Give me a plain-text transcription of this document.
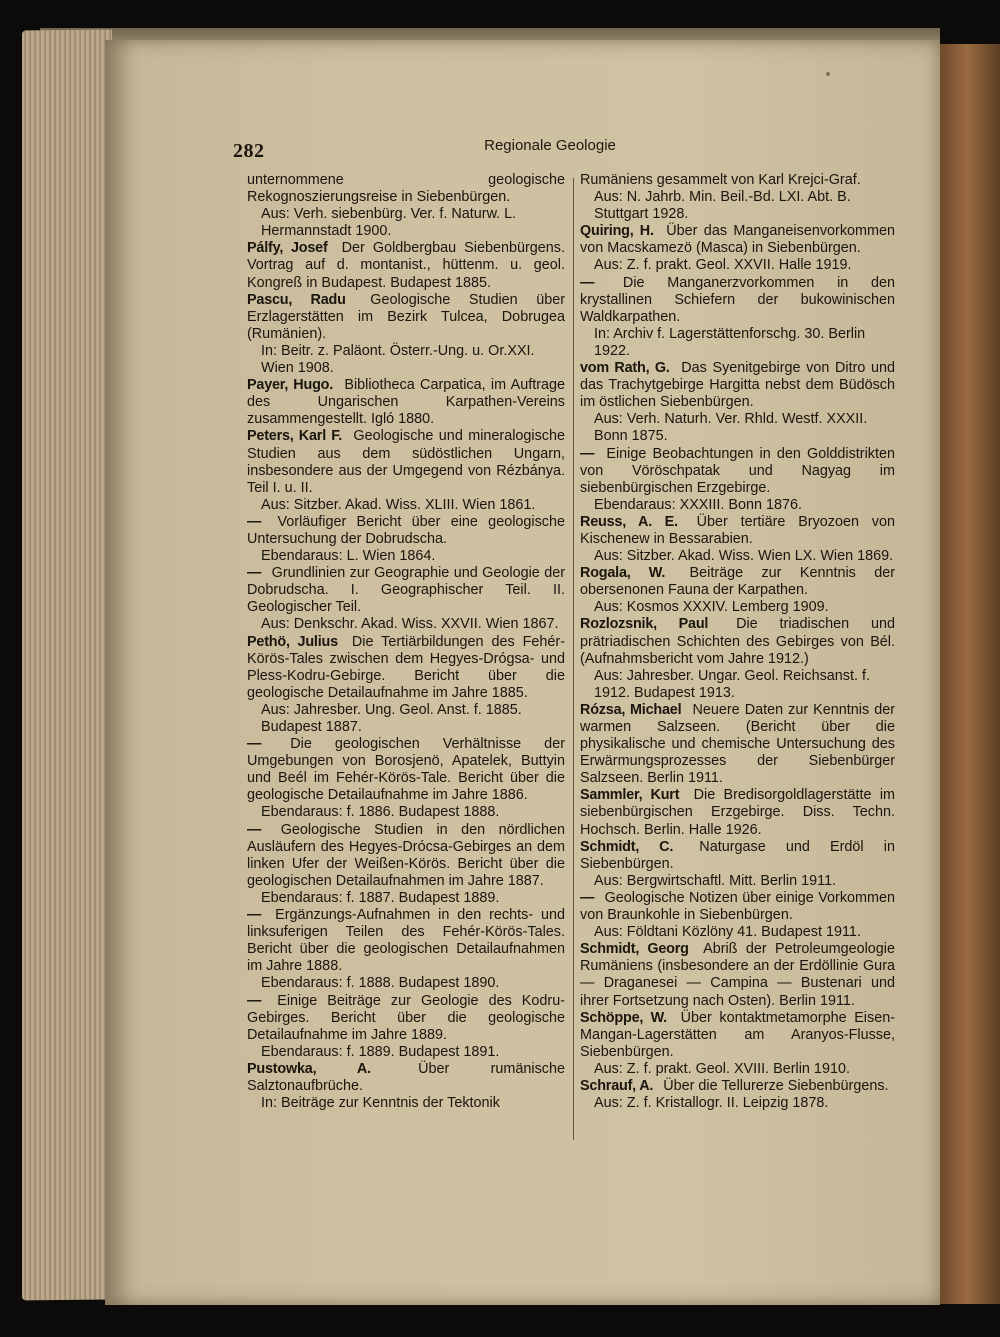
282	Regionale Geologie
unternommene geologische Rekognoszierungsreise in Siebenbürgen.
Aus: Verh. siebenbürg. Ver. f. Naturw. L. Hermannstadt 1900.
Pálfy, Josef Der Goldbergbau Siebenbürgens. Vortrag auf d. montanist., hüttenm. u. geol. Kongreß in Budapest. Budapest 1885.
Pascu, Radu Geologische Studien über Erzlagerstätten im Bezirk Tulcea, Dobrugea (Rumänien).
In: Beitr. z. Paläont. Österr.-Ung. u. Or.XXI. Wien 1908.
Payer, Hugo. Bibliotheca Carpatica, im Auftrage des Ungarischen Karpathen-Vereins zusammengestellt. Igló 1880.
Peters, Karl F. Geologische und mineralogische Studien aus dem südöstlichen Ungarn, insbesondere aus der Umgegend von Rézbánya. Teil I. u. II.
Aus: Sitzber. Akad. Wiss. XLIII. Wien 1861.
— Vorläufiger Bericht über eine geologische Untersuchung der Dobrudscha.
Ebendaraus: L. Wien 1864.
— Grundlinien zur Geographie und Geologie der Dobrudscha. I. Geographischer Teil. II. Geologischer Teil.
Aus: Denkschr. Akad. Wiss. XXVII. Wien 1867.
Pethö, Julius Die Tertiärbildungen des Fehér-Körös-Tales zwischen dem Hegyes-Drógsa- und Pless-Kodru-Gebirge. Bericht über die geologische Detailaufnahme im Jahre 1885.
Aus: Jahresber. Ung. Geol. Anst. f. 1885. Budapest 1887.
— Die geologischen Verhältnisse der Umgebungen von Borosjenö, Apatelek, Buttyin und Beél im Fehér-Körös-Tale. Bericht über die geologische Detailaufnahme im Jahre 1886.
Ebendaraus: f. 1886. Budapest 1888.
— Geologische Studien in den nördlichen Ausläufern des Hegyes-Drócsa-Gebirges an dem linken Ufer der Weißen-Körös. Bericht über die geologischen Detailaufnahmen im Jahre 1887.
Ebendaraus: f. 1887. Budapest 1889.
— Ergänzungs-Aufnahmen in den rechts- und linksuferigen Teilen des Fehér-Körös-Tales. Bericht über die geologischen Detailaufnahmen im Jahre 1888.
Ebendaraus: f. 1888. Budapest 1890.
— Einige Beiträge zur Geologie des Kodru-Gebirges. Bericht über die geologische Detailaufnahme im Jahre 1889.
Ebendaraus: f. 1889. Budapest 1891.
Pustowka, A.	Über rumänische Salztonaufbrüche.
In: Beiträge zur Kenntnis der Tektonik
Rumäniens gesammelt von Karl Krejci-Graf.
Aus: N. Jahrb. Min. Beil.-Bd. LXI. Abt. B. Stuttgart 1928.
Quiring, H. Über das Manganeisenvorkommen von Macskamezö (Masca) in Siebenbürgen.
Aus: Z. f. prakt. Geol. XXVII. Halle 1919.
— Die Manganerzvorkommen in den krystallinen Schiefern der bukowinischen Waldkarpathen.
In: Archiv f. Lagerstättenforschg. 30. Berlin 1922.
vom Rath, G. Das Syenitgebirge von Ditro und das Trachytgebirge Hargitta nebst dem Büdösch im östlichen Siebenbürgen.
Aus: Verh. Naturh. Ver. Rhld. Westf. XXXII. Bonn 1875.
— Einige Beobachtungen in den Golddistrikten von Vöröschpatak und Nagyag im siebenbürgischen Erzgebirge.
Ebendaraus: XXXIII. Bonn 1876.
Reuss, A. E. Über tertiäre Bryozoen von Kischenew in Bessarabien.
Aus: Sitzber. Akad. Wiss. Wien LX. Wien 1869.
Rogala, W. Beiträge zur Kenntnis der obersenonen Fauna der Karpathen.
Aus: Kosmos XXXIV. Lemberg 1909.
Rozlozsnik, Paul Die triadischen und prätriadischen Schichten des Gebirges von Bél. (Aufnahmsbericht vom Jahre 1912.)
Aus: Jahresber. Ungar. Geol. Reichsanst. f. 1912. Budapest 1913.
Rózsa, Michael Neuere Daten zur Kenntnis der warmen Salzseen. (Bericht über die physikalische und chemische Untersuchung des Erwärmungsprozesses der Siebenbürger Salzseen. Berlin 1911.
Sammler, Kurt Die Bredisorgoldlagerstätte im siebenbürgischen Erzgebirge. Diss. Techn. Hochsch. Berlin. Halle 1926.
Schmidt, C. Naturgase und Erdöl in Siebenbürgen.
Aus: Bergwirtschaftl. Mitt. Berlin 1911.
— Geologische Notizen über einige Vorkommen von Braunkohle in Siebenbürgen.
Aus: Földtani Közlöny 41. Budapest 1911.
Schmidt, Georg Abriß der Petroleumgeologie Rumäniens (insbesondere an der Erdöllinie Gura — Draganesei — Campina — Bustenari und ihrer Fortsetzung nach Osten). Berlin 1911.
Schöppe, W. Über kontaktmetamorphe Eisen-Mangan-Lagerstätten am Aranyos-Flusse, Siebenbürgen.
Aus: Z. f. prakt. Geol. XVIII. Berlin 1910.
Schrauf, A. Über die Tellurerze Siebenbürgens.
Aus: Z. f. Kristallogr. II. Leipzig 1878.
